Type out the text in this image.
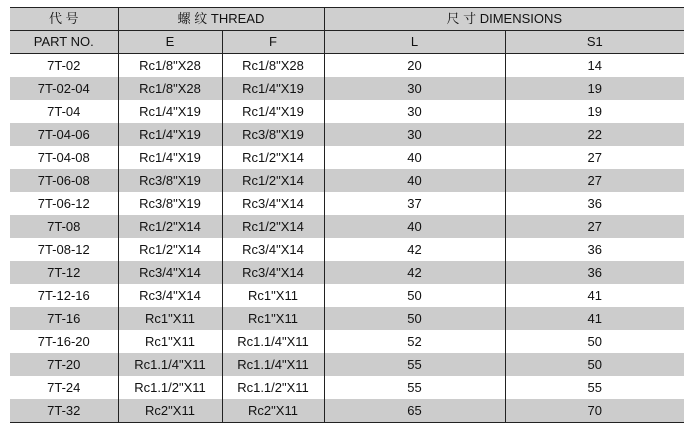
代 号	螺 纹 THREAD		尺 寸 DIMENSIONS	
PART NO.	E	F	L	S1
7T-02	Rc1/8"X28	Rc1/8"X28	20	14
7T-02-04	Rc1/8"X28	Rc1/4"X19	30	19
7T-04	Rc1/4"X19	Rc1/4"X19	30	19
7T-04-06	Rc1/4"X19	Rc3/8"X19	30	22
7T-04-08	Rc1/4"X19	Rc1/2"X14	40	27
7T-06-08	Rc3/8"X19	Rc1/2"X14	40	27
7T-06-12	Rc3/8"X19	Rc3/4"X14	37	36
7T-08	Rc1/2"X14	Rc1/2"X14	40	27
7T-08-12	Rc1/2"X14	Rc3/4"X14	42	36
7T-12	Rc3/4"X14	Rc3/4"X14	42	36
7T-12-16	Rc3/4"X14	Rc1"X11	50	41
7T-16	Rc1"X11	Rc1"X11	50	41
7T-16-20	Rc1"X11	Rc1.1/4"X11	52	50
7T-20	Rc1.1/4"X11	Rc1.1/4"X11	55	50
7T-24	Rc1.1/2"X11	Rc1.1/2"X11	55	55
7T-32	Rc2"X11	Rc2"X11	65	70
